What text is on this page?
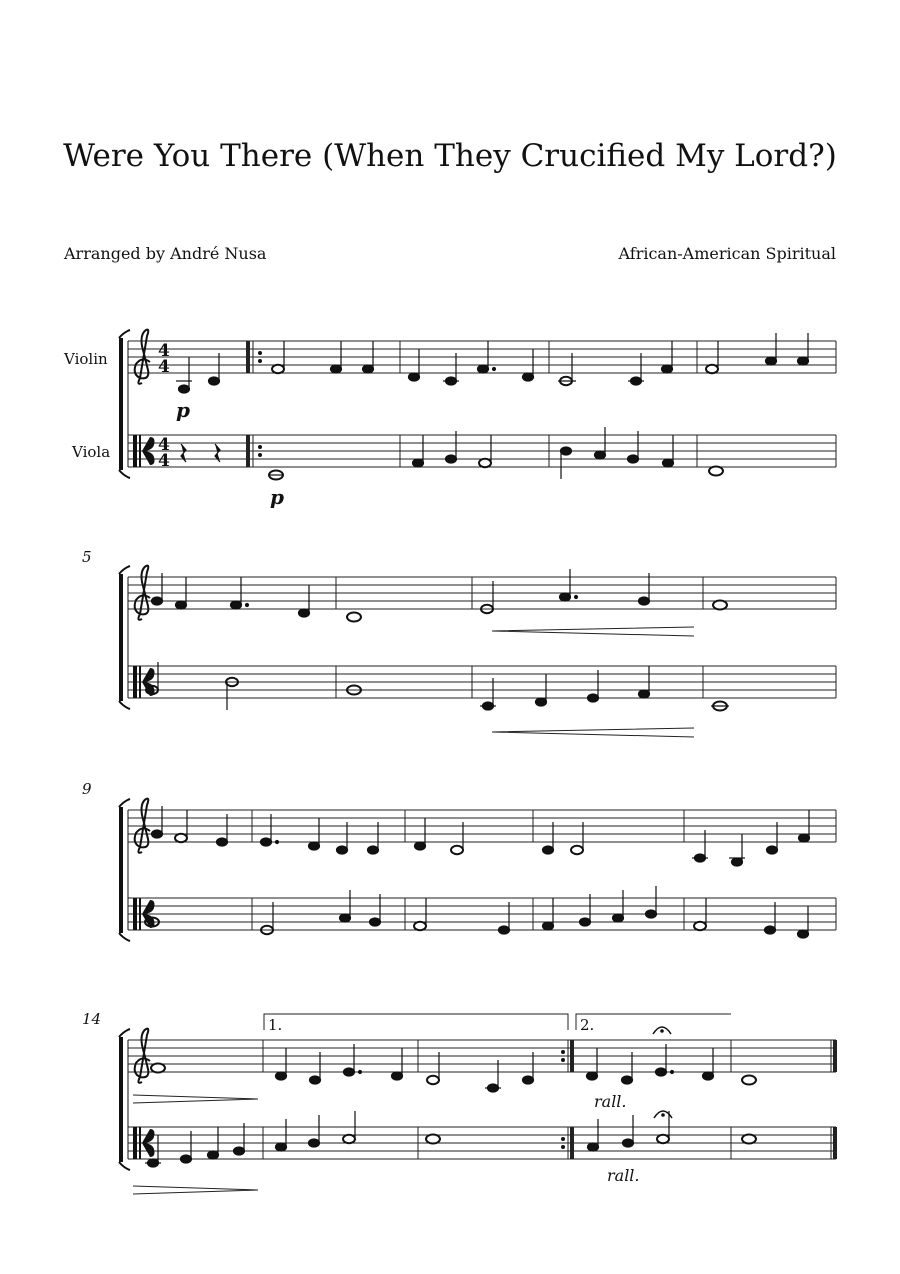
Were You There (When They Crucified My Lord?)
Arranged by André Nusa	African-American Spiritual
Violin
Viola
5
9
14
p
p
1.	2.
rall.
rall.
4
4
4
4
